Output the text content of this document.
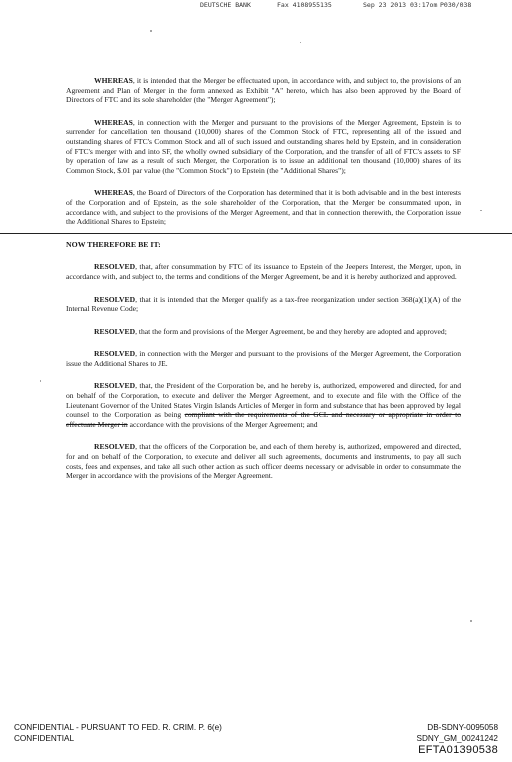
DEUTSCHE BANK	Fax 4108955135	Sep 23 2013 03:17om P030/038

WHEREAS, it is intended that the Merger be effectuated upon, in accordance with, and subject to, the provisions of an Agreement and Plan of Merger in the form annexed as Exhibit "A" hereto, which has also been approved by the Board of Directors of FTC and its sole shareholder (the "Merger Agreement");

WHEREAS, in connection with the Merger and pursuant to the provisions of the Merger Agreement, Epstein is to surrender for cancellation ten thousand (10,000) shares of the Common Stock of FTC, representing all of the issued and outstanding shares of FTC's Common Stock and all of such issued and outstanding shares held by Epstein, and in consideration of FTC's merger with and into SF, the wholly owned subsidiary of the Corporation, and the transfer of all of FTC's assets to SF by operation of law as a result of such Merger, the Corporation is to issue an additional ten thousand (10,000) shares of its Common Stock, $.01 par value (the "Common Stock") to Epstein (the "Additional Shares");

WHEREAS, the Board of Directors of the Corporation has determined that it is both advisable and in the best interests of the Corporation and of Epstein, as the sole shareholder of the Corporation, that the Merger be consummated upon, in accordance with, and subject to the provisions of the Merger Agreement, and that in connection therewith, the Corporation issue the Additional Shares to Epstein;

NOW THEREFORE BE IT:

RESOLVED, that, after consummation by FTC of its issuance to Epstein of the Jeepers Interest, the Merger, upon, in accordance with, and subject to, the terms and conditions of the Merger Agreement, be and it is hereby authorized and approved.

RESOLVED, that it is intended that the Merger qualify as a tax-free reorganization under section 368(a)(1)(A) of the Internal Revenue Code;

RESOLVED, that the form and provisions of the Merger Agreement, be and they hereby are adopted and approved;

RESOLVED, in connection with the Merger and pursuant to the provisions of the Merger Agreement, the Corporation issue the Additional Shares to JE.

RESOLVED, that, the President of the Corporation be, and he hereby is, authorized, empowered and directed, for and on behalf of the Corporation, to execute and deliver the Merger Agreement, and to execute and file with the Office of the Lieutenant Governor of the United States Virgin Islands Articles of Merger in form and substance that has been approved by legal counsel to the Corporation as being compliant with the requirements of the GCL and necessary or appropriate in order to effectuate Merger in accordance with the provisions of the Merger Agreement; and

RESOLVED, that the officers of the Corporation be, and each of them hereby is, authorized, empowered and directed, for and on behalf of the Corporation, to execute and deliver all such agreements, documents and instruments, to pay all such costs, fees and expenses, and take all such other action as such officer deems necessary or advisable in order to consummate the Merger in accordance with the provisions of the Merger Agreement.

CONFIDENTIAL - PURSUANT TO FED. R. CRIM. P. 6(e)
CONFIDENTIAL
DB-SDNY-0095058
SDNY_GM_00241242
EFTA01390538
